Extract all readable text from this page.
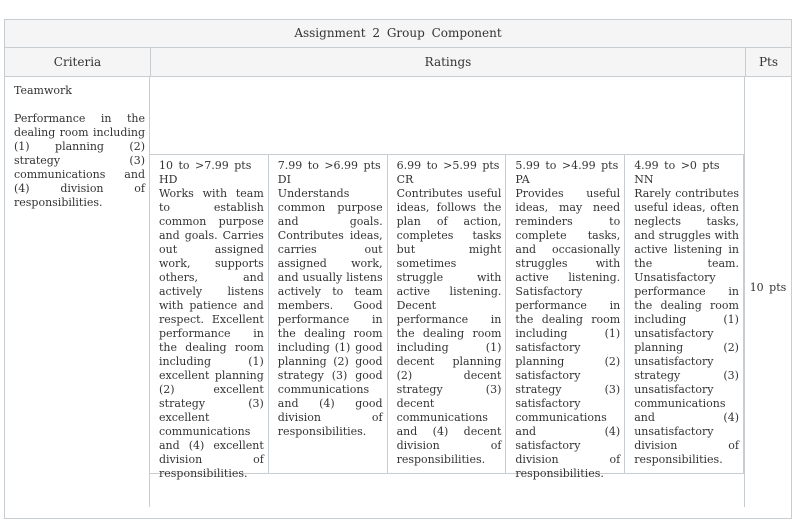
Assignment 2 Group Component
Criteria	Ratings	Pts
Teamwork
Performance in the dealing room including (1) planning (2) strategy (3) communications and (4) division of responsibilities.
10 to >7.99 pts
HD
Works with team to establish common purpose and goals. Carries out assigned work, supports others, and actively listens with patience and respect. Excellent performance in the dealing room including (1) excellent planning (2) excellent strategy (3) excellent communications and (4) excellent division of responsibilities.
7.99 to >6.99 pts
DI
Understands common purpose and goals. Contributes ideas, carries out assigned work, and usually listens actively to team members. Good performance in the dealing room including (1) good planning (2) good strategy (3) good communications and (4) good division of responsibilities.
6.99 to >5.99 pts
CR
Contributes useful ideas, follows the plan of action, completes tasks but might sometimes struggle with active listening. Decent performance in the dealing room including (1) decent planning (2) decent strategy (3) decent communications and (4) decent division of responsibilities.
5.99 to >4.99 pts
PA
Provides useful ideas, may need reminders to complete tasks, and occasionally struggles with active listening. Satisfactory performance in the dealing room including (1) satisfactory planning (2) satisfactory strategy (3) satisfactory communications and (4) satisfactory division of responsibilities.
4.99 to >0 pts
NN
Rarely contributes useful ideas, often neglects tasks, and struggles with active listening in the team. Unsatisfactory performance in the dealing room including (1) unsatisfactory planning (2) unsatisfactory strategy (3) unsatisfactory communications and (4) unsatisfactory division of responsibilities.
10 pts
